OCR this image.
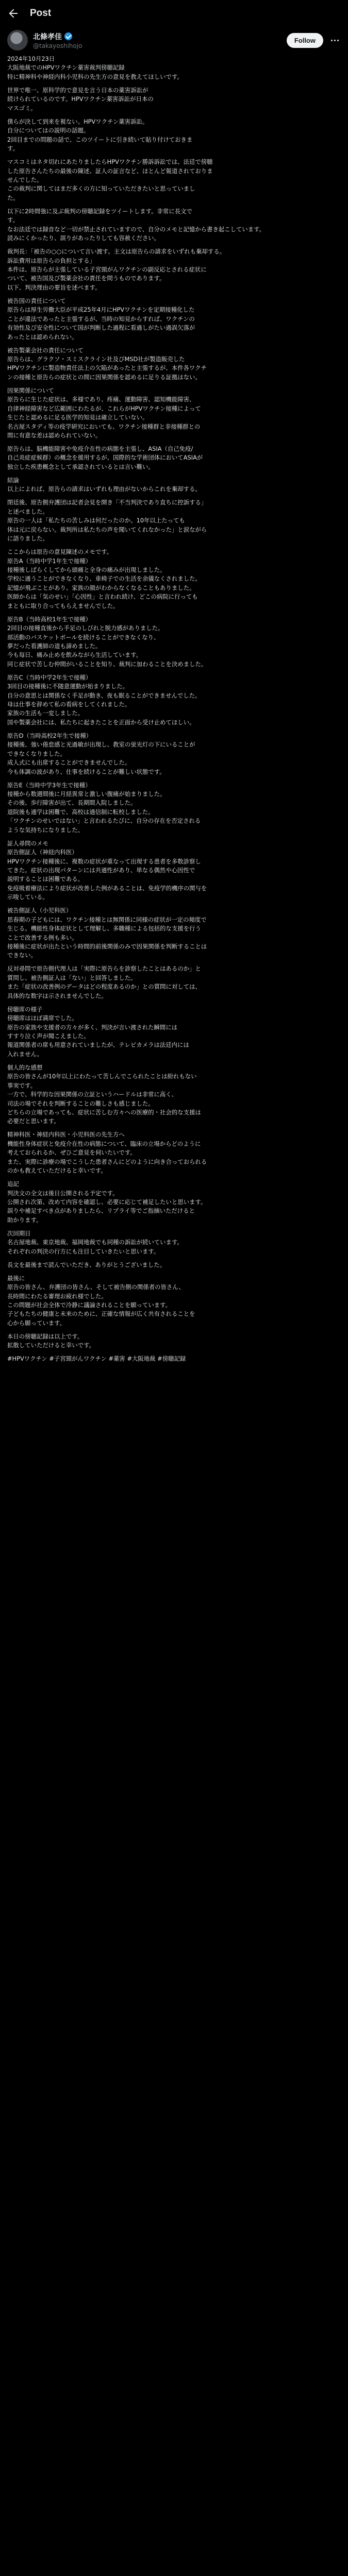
Post
北條孝佳
@takayoshihojo
Follow

2024年10月23日

大阪地裁でのHPVワクチン薬害裁判傍聴記録

特に精神科や神経内科小児科の先生方の意見を教えてほしいです。

世界で唯一、原科学的で意見を言う日本の薬害訴訟が

続けられているのです。HPVワクチン薬害訴訟が日本の

マスゴミ。

僕らが決して到来を視ない。HPVワクチン薬害訴訟。

自分についてはの説明の話題。

2回目までの問題の話で、このツイートに引き続いて貼り付けておきま

す。

マスコミはネタ切れにあたりましたらHPVワクチン勝訴訴訟では、法廷で傍聴

した原告さんたちの最後の陳述、証人の証言など、ほとんど報道されておりま

せんでした。

この裁判に関してはまだ多くの方に知っていただきたいと思っていまし

た。

以下に2時間強に及ぶ裁判の傍聴記録をツイートします。非常に長文で

す。

なお法廷では録音など一切が禁止されていますので、自分のメモと記憶から書き起こしています。

読みにくかったり、誤りがあったりしても容赦ください。

裁判長：「被告の○○について言い渡す。主文は原告らの請求をいずれも棄却する。

訴訟費用は原告らの負担とする」

本件は、原告らが主張している子宮頸がんワクチンの副反応とされる症状に

ついて、被告国及び製薬会社の責任を問うものであります。

以下、判決理由の要旨を述べます。

被告国の責任について

原告らは厚生労働大臣が平成25年4月にHPVワクチンを定期接種化した

ことが違法であったと主張するが、当時の知見からすれば、ワクチンの

有効性及び安全性について国が判断した過程に看過しがたい過誤欠落が

あったとは認められない。

被告製薬会社の責任について

原告らは、グラクソ・スミスクライン社及びMSD社が製造販売した

HPVワクチンに製造物責任法上の欠陥があったと主張するが、本件各ワクチ

ンの接種と原告らの症状との間に因果関係を認めるに足りる証拠はない。

因果関係について

原告らに生じた症状は、多様であり、疼痛、運動障害、認知機能障害、

自律神経障害など広範囲にわたるが、これらがHPVワクチン接種によって

生じたと認めるに足る医学的知見は確立していない。

名古屋スタディ等の疫学研究においても、ワクチン接種群と非接種群との

間に有意な差は認められていない。

原告らは、脳機能障害や免疫介在性の病態を主張し、ASIA（自己免疫/

自己炎症症候群）の概念を援用するが、国際的な学術団体においてASIAが

独立した疾患概念として承認されているとは言い難い。

結論

以上によれば、原告らの請求はいずれも理由がないからこれを棄却する。

閉廷後、原告側弁護団は記者会見を開き「不当判決であり直ちに控訴する」

と述べました。

原告の一人は「私たちの苦しみは何だったのか。10年以上たっても

体は元に戻らない。裁判所は私たちの声を聞いてくれなかった」と涙ながら

に語りました。

ここからは原告の意見陳述のメモです。

原告A（当時中学1年生で接種）

接種後しばらくしてから頭痛と全身の痛みが出現しました。

学校に通うことができなくなり、車椅子での生活を余儀なくされました。

記憶が飛ぶことがあり、家族の顔がわからなくなることもありました。

医師からは「気のせい」「心因性」と言われ続け、どこの病院に行っても

まともに取り合ってもらえませんでした。

原告B（当時高校1年生で接種）

2回目の接種直後から手足のしびれと脱力感がありました。

部活動のバスケットボールを続けることができなくなり、

夢だった看護師の道も諦めました。

今も毎日、痛み止めを飲みながら生活しています。

同じ症状で苦しむ仲間がいることを知り、裁判に加わることを決めました。

原告C（当時中学2年生で接種）

3回目の接種後に不随意運動が始まりました。

自分の意思とは関係なく手足が動き、夜も眠ることができませんでした。

母は仕事を辞めて私の看病をしてくれました。

家族の生活も一変しました。

国や製薬会社には、私たちに起きたことを正面から受け止めてほしい。

原告D（当時高校2年生で接種）

接種後、強い倦怠感と光過敏が出現し、教室の蛍光灯の下にいることが

できなくなりました。

成人式にも出席することができませんでした。

今も体調の波があり、仕事を続けることが難しい状態です。

原告E（当時中学3年生で接種）

接種から数週間後に月経異常と激しい腹痛が始まりました。

その後、歩行障害が出て、長期間入院しました。

退院後も通学は困難で、高校は通信制に転校しました。

「ワクチンのせいではない」と言われるたびに、自分の存在を否定される

ような気持ちになりました。

証人尋問のメモ

原告側証人（神経内科医）

HPVワクチン接種後に、複数の症状が重なって出現する患者を多数診察し

てきた。症状の出現パターンには共通性があり、単なる偶然や心因性で

説明することは困難である。

免疫吸着療法により症状が改善した例があることは、免疫学的機序の関与を

示唆している。

被告側証人（小児科医）

思春期の子どもには、ワクチン接種とは無関係に同様の症状が一定の頻度で

生じる。機能性身体症状として理解し、多職種による包括的な支援を行う

ことで改善する例も多い。

接種後に症状が出たという時間的前後関係のみで因果関係を判断することは

できない。

反対尋問で原告側代理人は「実際に原告らを診察したことはあるのか」と

質問し、被告側証人は「ない」と回答しました。

また「症状の改善例のデータはどの程度あるのか」との質問に対しては、

具体的な数字は示されませんでした。

傍聴席の様子

傍聴席はほぼ満席でした。

原告の家族や支援者の方々が多く、判決が言い渡された瞬間には

すすり泣く声が聞こえました。

報道関係者の席も用意されていましたが、テレビカメラは法廷内には

入れません。

個人的な感想

原告の皆さんが10年以上にわたって苦しんでこられたことは紛れもない

事実です。

一方で、科学的な因果関係の立証というハードルは非常に高く、

司法の場でそれを判断することの難しさも感じました。

どちらの立場であっても、症状に苦しむ方々への医療的・社会的な支援は

必要だと思います。

精神科医・神経内科医・小児科医の先生方へ

機能性身体症状と免疫介在性の病態について、臨床の立場からどのように

考えておられるか、ぜひご意見を伺いたいです。

また、実際に診療の場でこうした患者さんにどのように向き合っておられる

のかも教えていただけると幸いです。

追記

判決文の全文は後日公開される予定です。

公開され次第、改めて内容を確認し、必要に応じて補足したいと思います。

誤りや補足すべき点がありましたら、リプライ等でご指摘いただけると

助かります。

次回期日

名古屋地裁、東京地裁、福岡地裁でも同種の訴訟が続いています。

それぞれの判決の行方にも注目していきたいと思います。

長文を最後まで読んでいただき、ありがとうございました。

最後に

原告の皆さん、弁護団の皆さん、そして被告側の関係者の皆さん、

長時間にわたる審理お疲れ様でした。

この問題が社会全体で冷静に議論されることを願っています。

子どもたちの健康と未来のために、正確な情報が広く共有されることを

心から願っています。

本日の傍聴記録は以上です。

拡散していただけると幸いです。

#HPVワクチン #子宮頸がんワクチン #薬害 #大阪地裁 #傍聴記録
